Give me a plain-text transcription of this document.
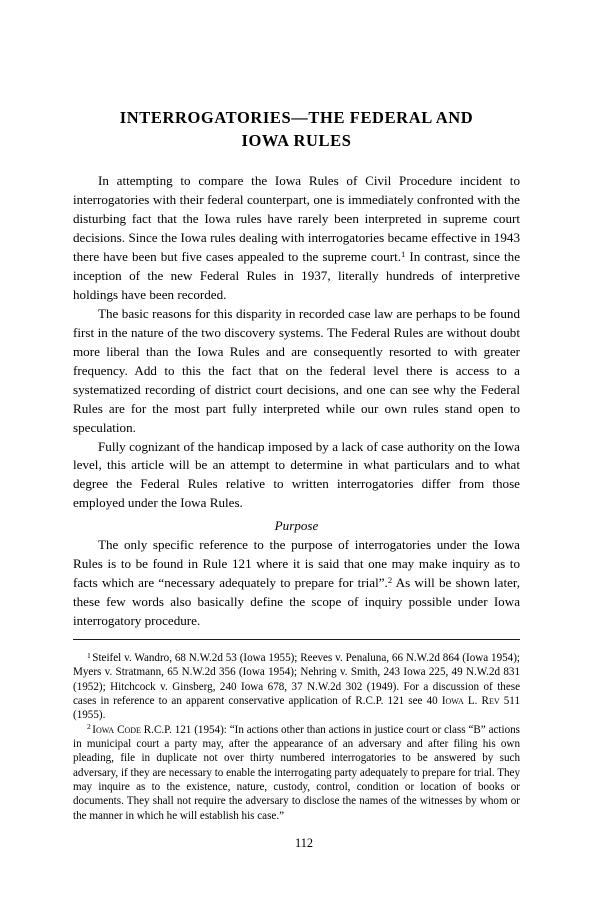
INTERROGATORIES—THE FEDERAL AND
IOWA RULES

In attempting to compare the Iowa Rules of Civil Procedure incident to interrogatories with their federal counterpart, one is immediately confronted with the disturbing fact that the Iowa rules have rarely been interpreted in supreme court decisions. Since the Iowa rules dealing with interrogatories became effective in 1943 there have been but five cases appealed to the supreme court.$^1$ In contrast, since the inception of the new Federal Rules in 1937, literally hundreds of interpretive holdings have been recorded.

The basic reasons for this disparity in recorded case law are perhaps to be found first in the nature of the two discovery systems. The Federal Rules are without doubt more liberal than the Iowa Rules and are consequently resorted to with greater frequency. Add to this the fact that on the federal level there is access to a systematized recording of district court decisions, and one can see why the Federal Rules are for the most part fully interpreted while our own rules stand open to speculation.

Fully cognizant of the handicap imposed by a lack of case authority on the Iowa level, this article will be an attempt to determine in what particulars and to what degree the Federal Rules relative to written interrogatories differ from those employed under the Iowa Rules.

Purpose

The only specific reference to the purpose of interrogatories under the Iowa Rules is to be found in Rule 121 where it is said that one may make inquiry as to facts which are “necessary adequately to prepare for trial”.$^2$ As will be shown later, these few words also basically define the scope of inquiry possible under Iowa interrogatory procedure.

$^1$ Steifel v. Wandro, 68 N.W.2d 53 (Iowa 1955); Reeves v. Penaluna, 66 N.W.2d 864 (Iowa 1954); Myers v. Stratmann, 65 N.W.2d 356 (Iowa 1954); Nehring v. Smith, 243 Iowa 225, 49 N.W.2d 831 (1952); Hitchcock v. Ginsberg, 240 Iowa 678, 37 N.W.2d 302 (1949). For a discussion of these cases in reference to an apparent conservative application of R.C.P. 121 see 40 Iowa L. Rev 511 (1955).

$^2$ Iowa Code R.C.P. 121 (1954): “In actions other than actions in justice court or class “B” actions in municipal court a party may, after the appearance of an adversary and after filing his own pleading, file in duplicate not over thirty numbered interrogatories to be answered by such adversary, if they are necessary to enable the interrogating party adequately to prepare for trial. They may inquire as to the existence, nature, custody, control, condition or location of books or documents. They shall not require the adversary to disclose the names of the witnesses by whom or the manner in which he will establish his case.”

112
